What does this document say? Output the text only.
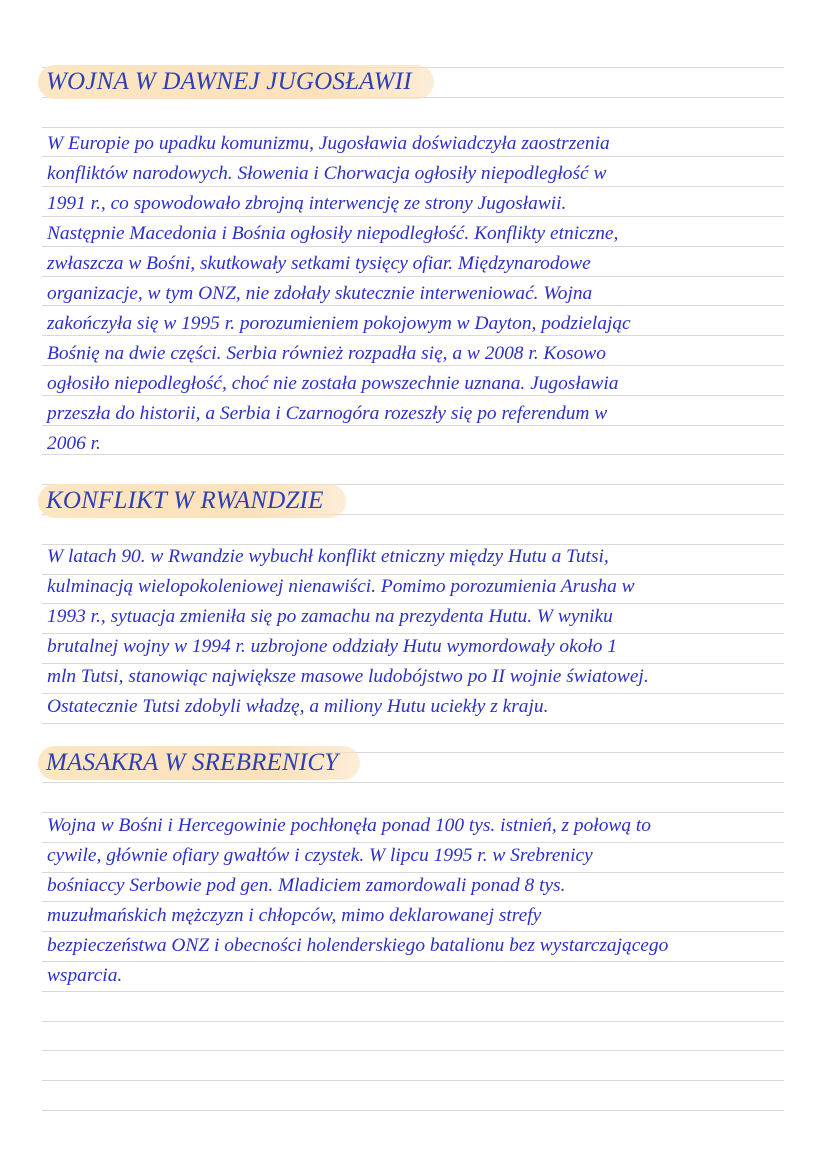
WOJNA W DAWNEJ JUGOSŁAWII

W Europie po upadku komunizmu, Jugosławia doświadczyła zaostrzenia
konfliktów narodowych. Słowenia i Chorwacja ogłosiły niepodległość w
1991 r., co spowodowało zbrojną interwencję ze strony Jugosławii.
Następnie Macedonia i Bośnia ogłosiły niepodległość. Konflikty etniczne,
zwłaszcza w Bośni, skutkowały setkami tysięcy ofiar. Międzynarodowe
organizacje, w tym ONZ, nie zdołały skutecznie interweniować. Wojna
zakończyła się w 1995 r. porozumieniem pokojowym w Dayton, podzielając
Bośnię na dwie części. Serbia również rozpadła się, a w 2008 r. Kosowo
ogłosiło niepodległość, choć nie została powszechnie uznana. Jugosławia
przeszła do historii, a Serbia i Czarnogóra rozeszły się po referendum w
2006 r.

KONFLIKT W RWANDZIE

W latach 90. w Rwandzie wybuchł konflikt etniczny między Hutu a Tutsi,
kulminacją wielopokoleniowej nienawiści. Pomimo porozumienia Arusha w
1993 r., sytuacja zmieniła się po zamachu na prezydenta Hutu. W wyniku
brutalnej wojny w 1994 r. uzbrojone oddziały Hutu wymordowały około 1
mln Tutsi, stanowiąc największe masowe ludobójstwo po II wojnie światowej.
Ostatecznie Tutsi zdobyli władzę, a miliony Hutu uciekły z kraju.

MASAKRA W SREBRENICY

Wojna w Bośni i Hercegowinie pochłonęła ponad 100 tys. istnień, z połową to
cywile, głównie ofiary gwałtów i czystek. W lipcu 1995 r. w Srebrenicy
bośniaccy Serbowie pod gen. Mladiciem zamordowali ponad 8 tys.
muzułmańskich mężczyzn i chłopców, mimo deklarowanej strefy
bezpieczeństwa ONZ i obecności holenderskiego batalionu bez wystarczającego
wsparcia.
